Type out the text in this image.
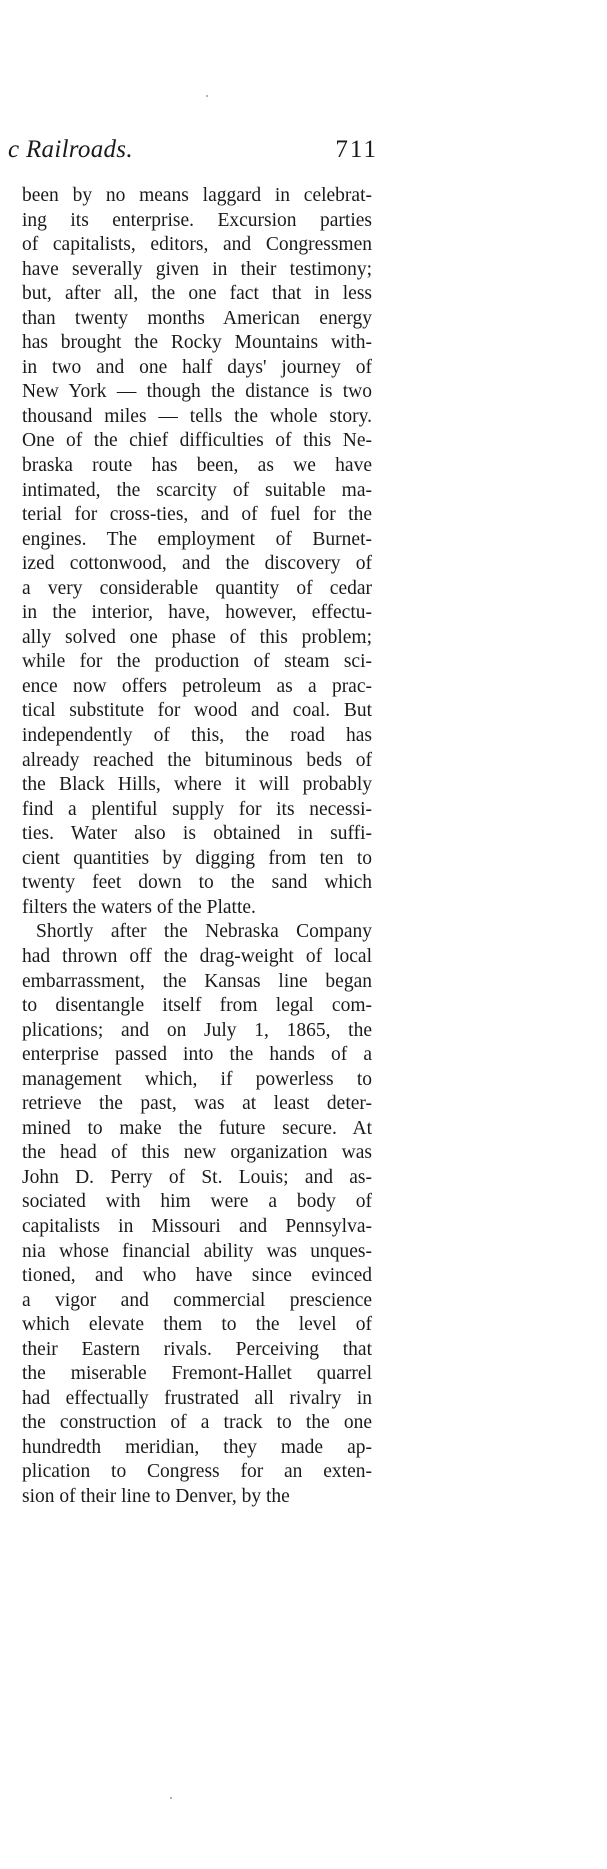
c Railroads.	711
been by no means laggard in celebrat-
ing its enterprise. Excursion parties
of capitalists, editors, and Congressmen
have severally given in their testimony;
but, after all, the one fact that in less
than twenty months American energy
has brought the Rocky Mountains with-
in two and one half days' journey of
New York — though the distance is two
thousand miles — tells the whole story.
One of the chief difficulties of this Ne-
braska route has been, as we have
intimated, the scarcity of suitable ma-
terial for cross-ties, and of fuel for the
engines. The employment of Burnet-
ized cottonwood, and the discovery of
a very considerable quantity of cedar
in the interior, have, however, effectu-
ally solved one phase of this problem;
while for the production of steam sci-
ence now offers petroleum as a prac-
tical substitute for wood and coal. But
independently of this, the road has
already reached the bituminous beds of
the Black Hills, where it will probably
find a plentiful supply for its necessi-
ties. Water also is obtained in suffi-
cient quantities by digging from ten to
twenty feet down to the sand which
filters the waters of the Platte.
Shortly after the Nebraska Company
had thrown off the drag-weight of local
embarrassment, the Kansas line began
to disentangle itself from legal com-
plications; and on July 1, 1865, the
enterprise passed into the hands of a
management which, if powerless to
retrieve the past, was at least deter-
mined to make the future secure. At
the head of this new organization was
John D. Perry of St. Louis; and as-
sociated with him were a body of
capitalists in Missouri and Pennsylva-
nia whose financial ability was unques-
tioned, and who have since evinced
a vigor and commercial prescience
which elevate them to the level of
their Eastern rivals. Perceiving that
the miserable Fremont-Hallet quarrel
had effectually frustrated all rivalry in
the construction of a track to the one
hundredth meridian, they made ap-
plication to Congress for an exten-
sion of their line to Denver, by the
